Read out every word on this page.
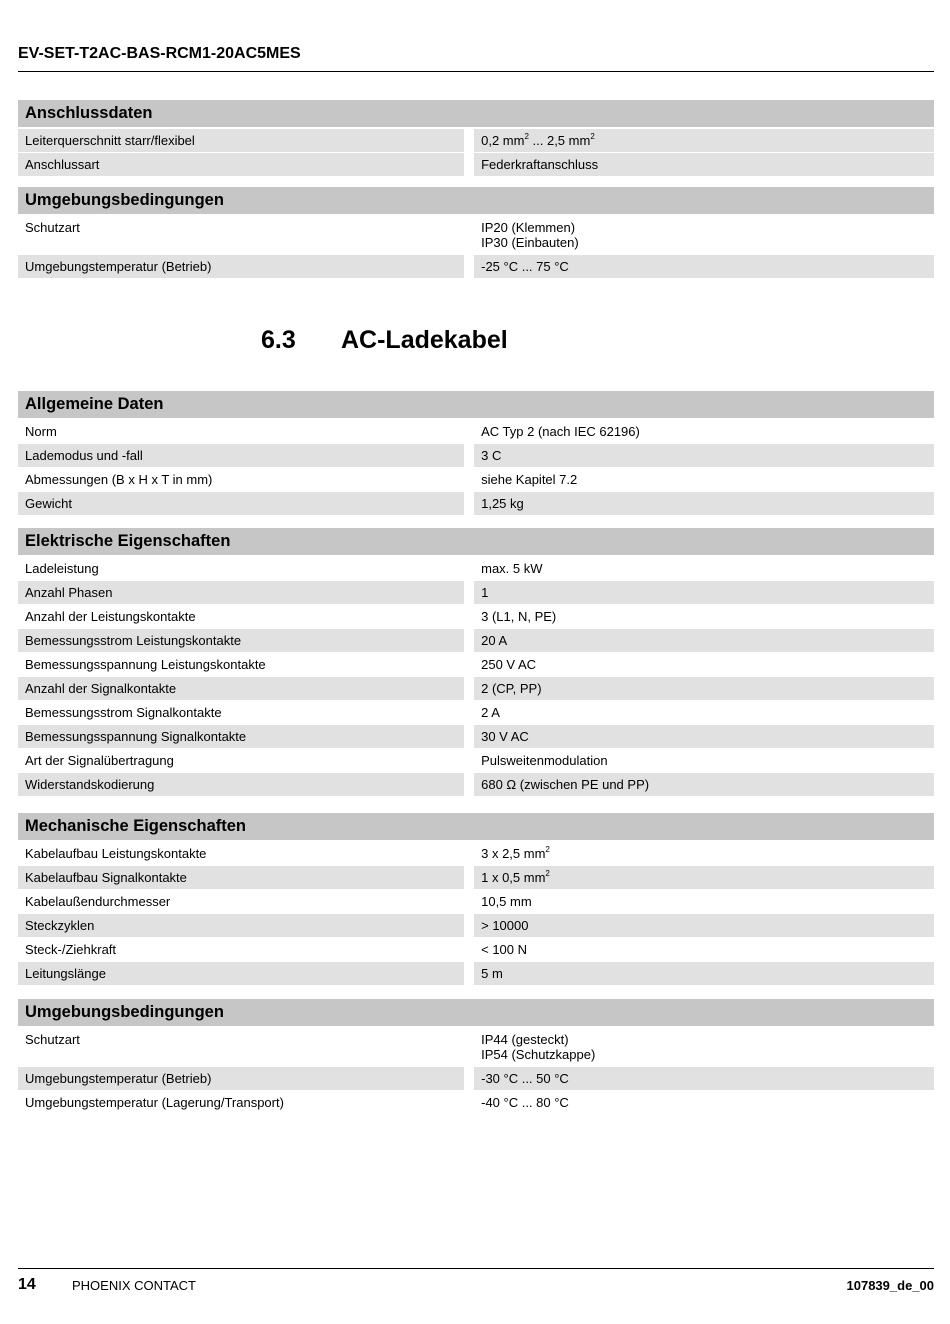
EV-SET-T2AC-BAS-RCM1-20AC5MES
Anschlussdaten
Leiterquerschnitt starr/flexibel	0,2 $mm^2$ ... 2,5 $mm^2$
Anschlussart	Federkraftanschluss
Umgebungsbedingungen
Schutzart	IP20 (Klemmen)
IP30 (Einbauten)
Umgebungstemperatur (Betrieb)	-25 °C ... 75 °C
6.3 AC-Ladekabel
Allgemeine Daten
Norm	AC Typ 2 (nach IEC 62196)
Lademodus und -fall	3 C
Abmessungen (B x H x T in mm)	siehe Kapitel 7.2
Gewicht	1,25 kg
Elektrische Eigenschaften
Ladeleistung	max. 5 kW
Anzahl Phasen	1
Anzahl der Leistungskontakte	3 (L1, N, PE)
Bemessungsstrom Leistungskontakte	20 A
Bemessungsspannung Leistungskontakte	250 V AC
Anzahl der Signalkontakte	2 (CP, PP)
Bemessungsstrom Signalkontakte	2 A
Bemessungsspannung Signalkontakte	30 V AC
Art der Signalübertragung	Pulsweitenmodulation
Widerstandskodierung	680 Ω (zwischen PE und PP)
Mechanische Eigenschaften
Kabelaufbau Leistungskontakte	3 x 2,5 $mm^2$
Kabelaufbau Signalkontakte	1 x 0,5 $mm^2$
Kabelaußendurchmesser	10,5 mm
Steckzyklen	> 10000
Steck-/Ziehkraft	< 100 N
Leitungslänge	5 m
Umgebungsbedingungen
Schutzart	IP44 (gesteckt)
IP54 (Schutzkappe)
Umgebungstemperatur (Betrieb)	-30 °C ... 50 °C
Umgebungstemperatur (Lagerung/Transport)	-40 °C ... 80 °C
14	PHOENIX CONTACT	107839_de_00
